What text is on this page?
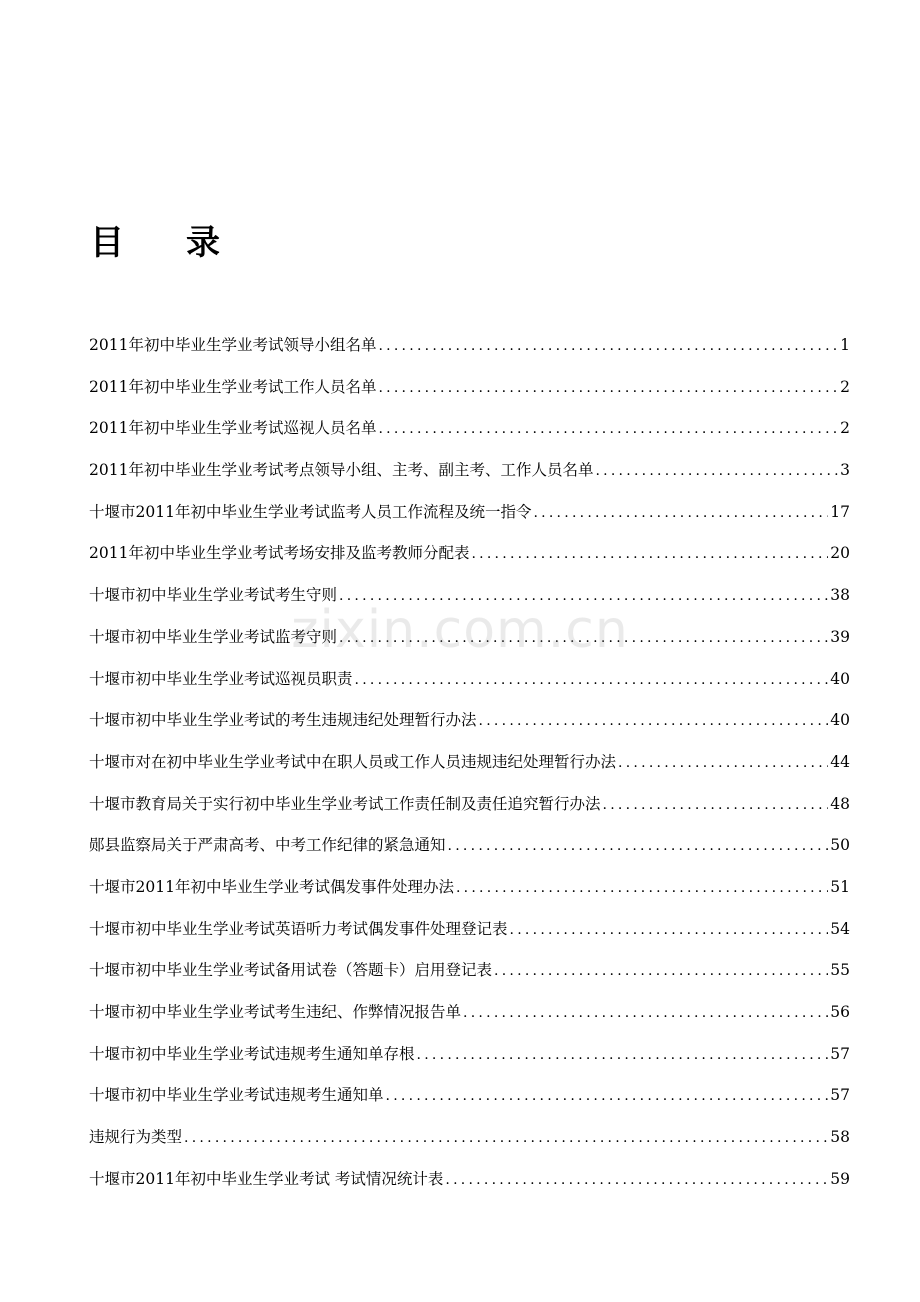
目 录
2011年初中毕业生学业考试领导小组名单 . . .	1
2011年初中毕业生学业考试工作人员名单 . . .	2
2011年初中毕业生学业考试巡视人员名单 . . .	2
2011年初中毕业生学业考试考点领导小组、主考、副主考、工作人员名单 . . .	3
十堰市2011年初中毕业生学业考试监考人员工作流程及统一指令 . . .	17
2011年初中毕业生学业考试考场安排及监考教师分配表 . . .	20
十堰市初中毕业生学业考试考生守则 . . .	38
十堰市初中毕业生学业考试监考守则 . . .	39
十堰市初中毕业生学业考试巡视员职责 . . .	40
十堰市初中毕业生学业考试的考生违规违纪处理暂行办法 . . .	40
十堰市对在初中毕业生学业考试中在职人员或工作人员违规违纪处理暂行办法 . . .	44
十堰市教育局关于实行初中毕业生学业考试工作责任制及责任追究暂行办法 . . .	48
郧县监察局关于严肃高考、中考工作纪律的紧急通知 . . .	50
十堰市2011年初中毕业生学业考试偶发事件处理办法 . . .	51
十堰市初中毕业生学业考试英语听力考试偶发事件处理登记表 . . .	54
十堰市初中毕业生学业考试备用试卷（答题卡）启用登记表 . . .	55
十堰市初中毕业生学业考试考生违纪、作弊情况报告单 . . .	56
十堰市初中毕业生学业考试违规考生通知单存根 . . .	57
十堰市初中毕业生学业考试违规考生通知单 . . .	57
违规行为类型 . . .	58
十堰市2011年初中毕业生学业考试 考试情况统计表 . . .	59
zixin.com.cn
